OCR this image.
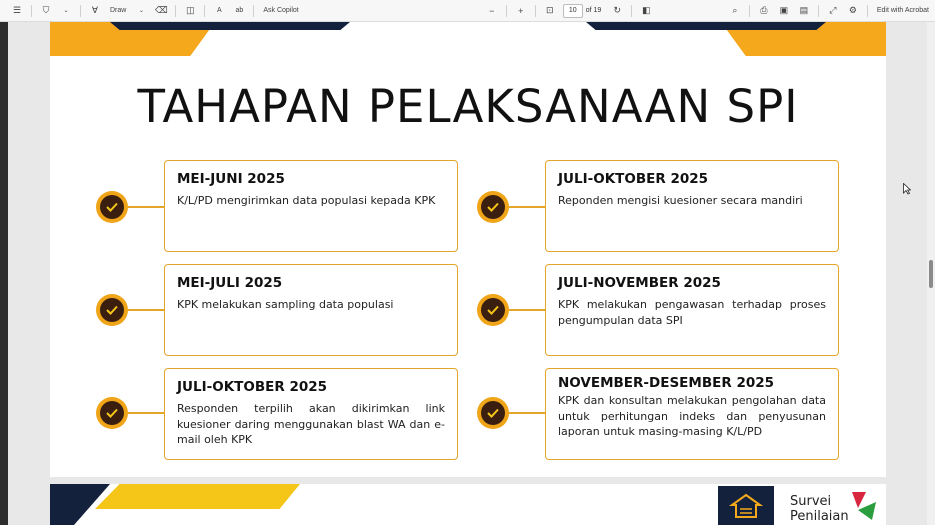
☰	⛉	⌄	∀	Draw	⌄	⌫	◫	A	ab	Ask Copilot	−	+	⊡	10	of 19	↻	◧	⌕	⎙	▣	▤	⤢	⚙	Edit with Acrobat
TAHAPAN PELAKSANAAN SPI
MEI-JUNI 2025
K/L/PD mengirimkan data populasi kepada KPK
JULI-OKTOBER 2025
Reponden mengisi kuesioner secara mandiri
MEI-JULI 2025
KPK melakukan sampling data populasi
JULI-NOVEMBER 2025
KPK melakukan pengawasan terhadap proses pengumpulan data SPI
JULI-OKTOBER 2025
Responden terpilih akan dikirimkan link kuesioner daring menggunakan blast WA dan e-mail oleh KPK
NOVEMBER-DESEMBER 2025
KPK dan konsultan melakukan pengolahan data untuk perhitungan indeks dan penyusunan laporan untuk masing-masing K/L/PD
Survei
Penilaian
